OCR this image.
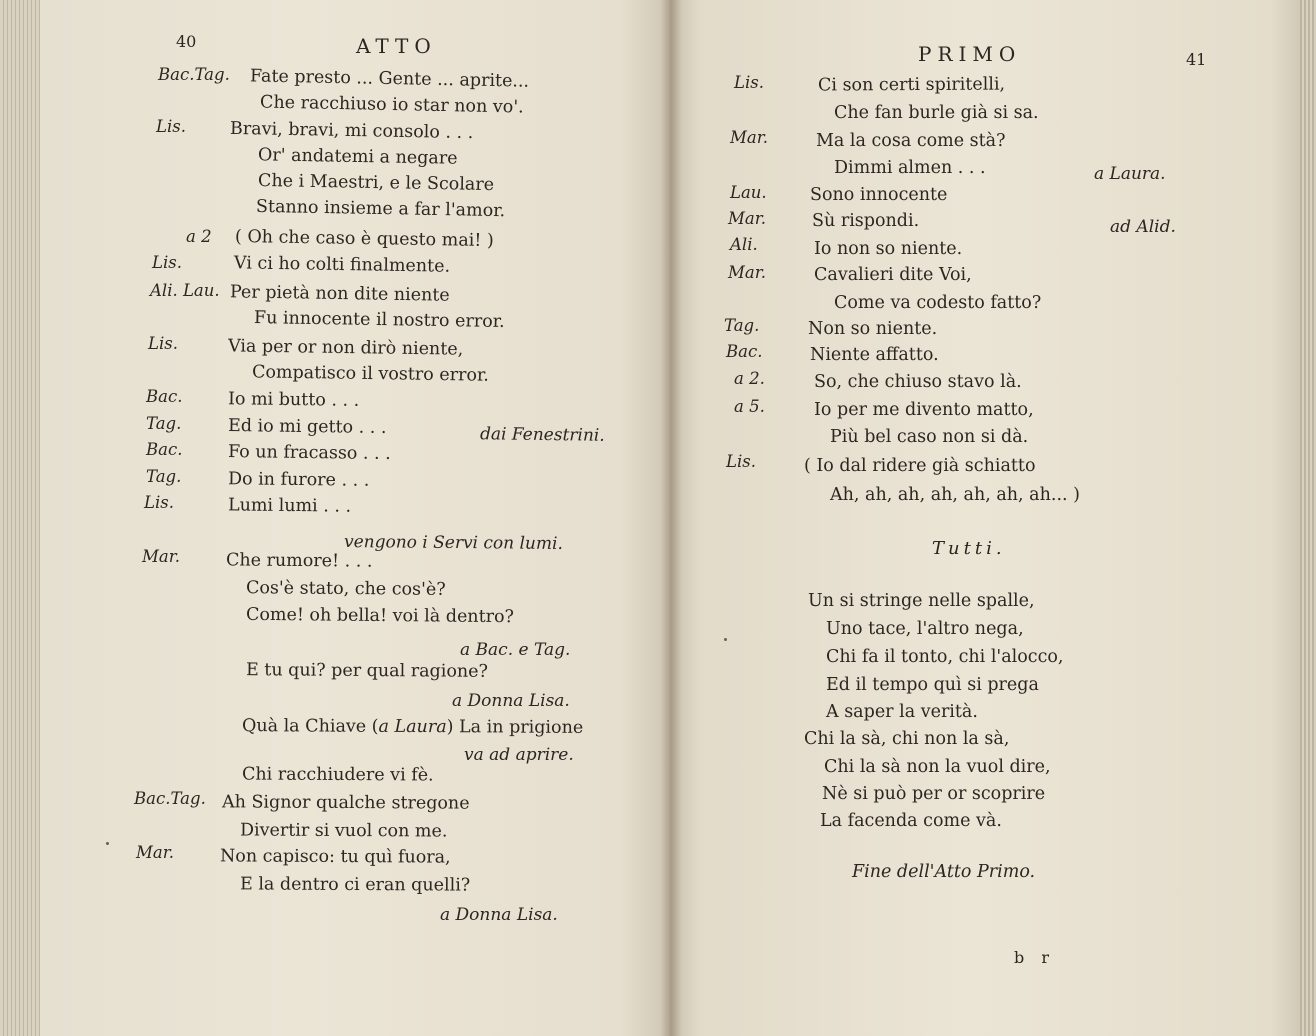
40	ATTO
Bac.Tag. Fate presto ... Gente ... aprite...
Che racchiuso io star non vo'.
Lis.	Bravi, bravi, mi consolo . . .
Or' andatemi a negare
Che i Maestri, e le Scolare
Stanno insieme a far l'amor.
a 2 ( Oh che caso è questo mai! )
Lis.	Vi ci ho colti finalmente.
Ali. Lau. Per pietà non dite niente
Fu innocente il nostro error.
Lis.	Via per or non dirò niente,
Compatisco il vostro error.
Bac.	Io mi butto . . .
Tag.	Ed io mi getto . . .	dai Fenestrini.
Bac.	Fo un fracasso . . .
Tag.	Do in furore . . .
Lis.	Lumi lumi . . .
vengono i Servi con lumi.
Mar.	Che rumore! . . .
Cos'è stato, che cos'è?
Come! oh bella! voi là dentro?
a Bac. e Tag.
E tu qui? per qual ragione?
a Donna Lisa.
Quà la Chiave (a Laura) La in prigione
va ad aprire.
Chi racchiudere vi fè.
Bac.Tag. Ah Signor qualche stregone
Divertir si vuol con me.
Mar.	Non capisco: tu quì fuora,
E la dentro ci eran quelli?
a Donna Lisa.
PRIMO	41
Lis.	Ci son certi spiritelli,
Che fan burle già si sa.
Mar.	Ma la cosa come stà?
Dimmi almen . . .	a Laura.
Lau. Sono innocente
Mar.	Sù rispondi.	ad Alid.
Ali.	Io non so niente.
Mar.	Cavalieri dite Voi,
Come va codesto fatto?
Tag.	Non so niente.
Bac.	Niente affatto.
a 2.	So, che chiuso stavo là.
a 5.	Io per me divento matto,
Più bel caso non si dà.
Lis.	( Io dal ridere già schiatto
Ah, ah, ah, ah, ah, ah, ah... )
Tutti.
Un si stringe nelle spalle,
Uno tace, l'altro nega,
Chi fa il tonto, chi l'alocco,
Ed il tempo quì si prega
A saper la verità.
Chi la sà, chi non la sà,
Chi la sà non la vuol dire,
Nè si può per or scoprire
La facenda come và.
Fine dell'Atto Primo.
b r
